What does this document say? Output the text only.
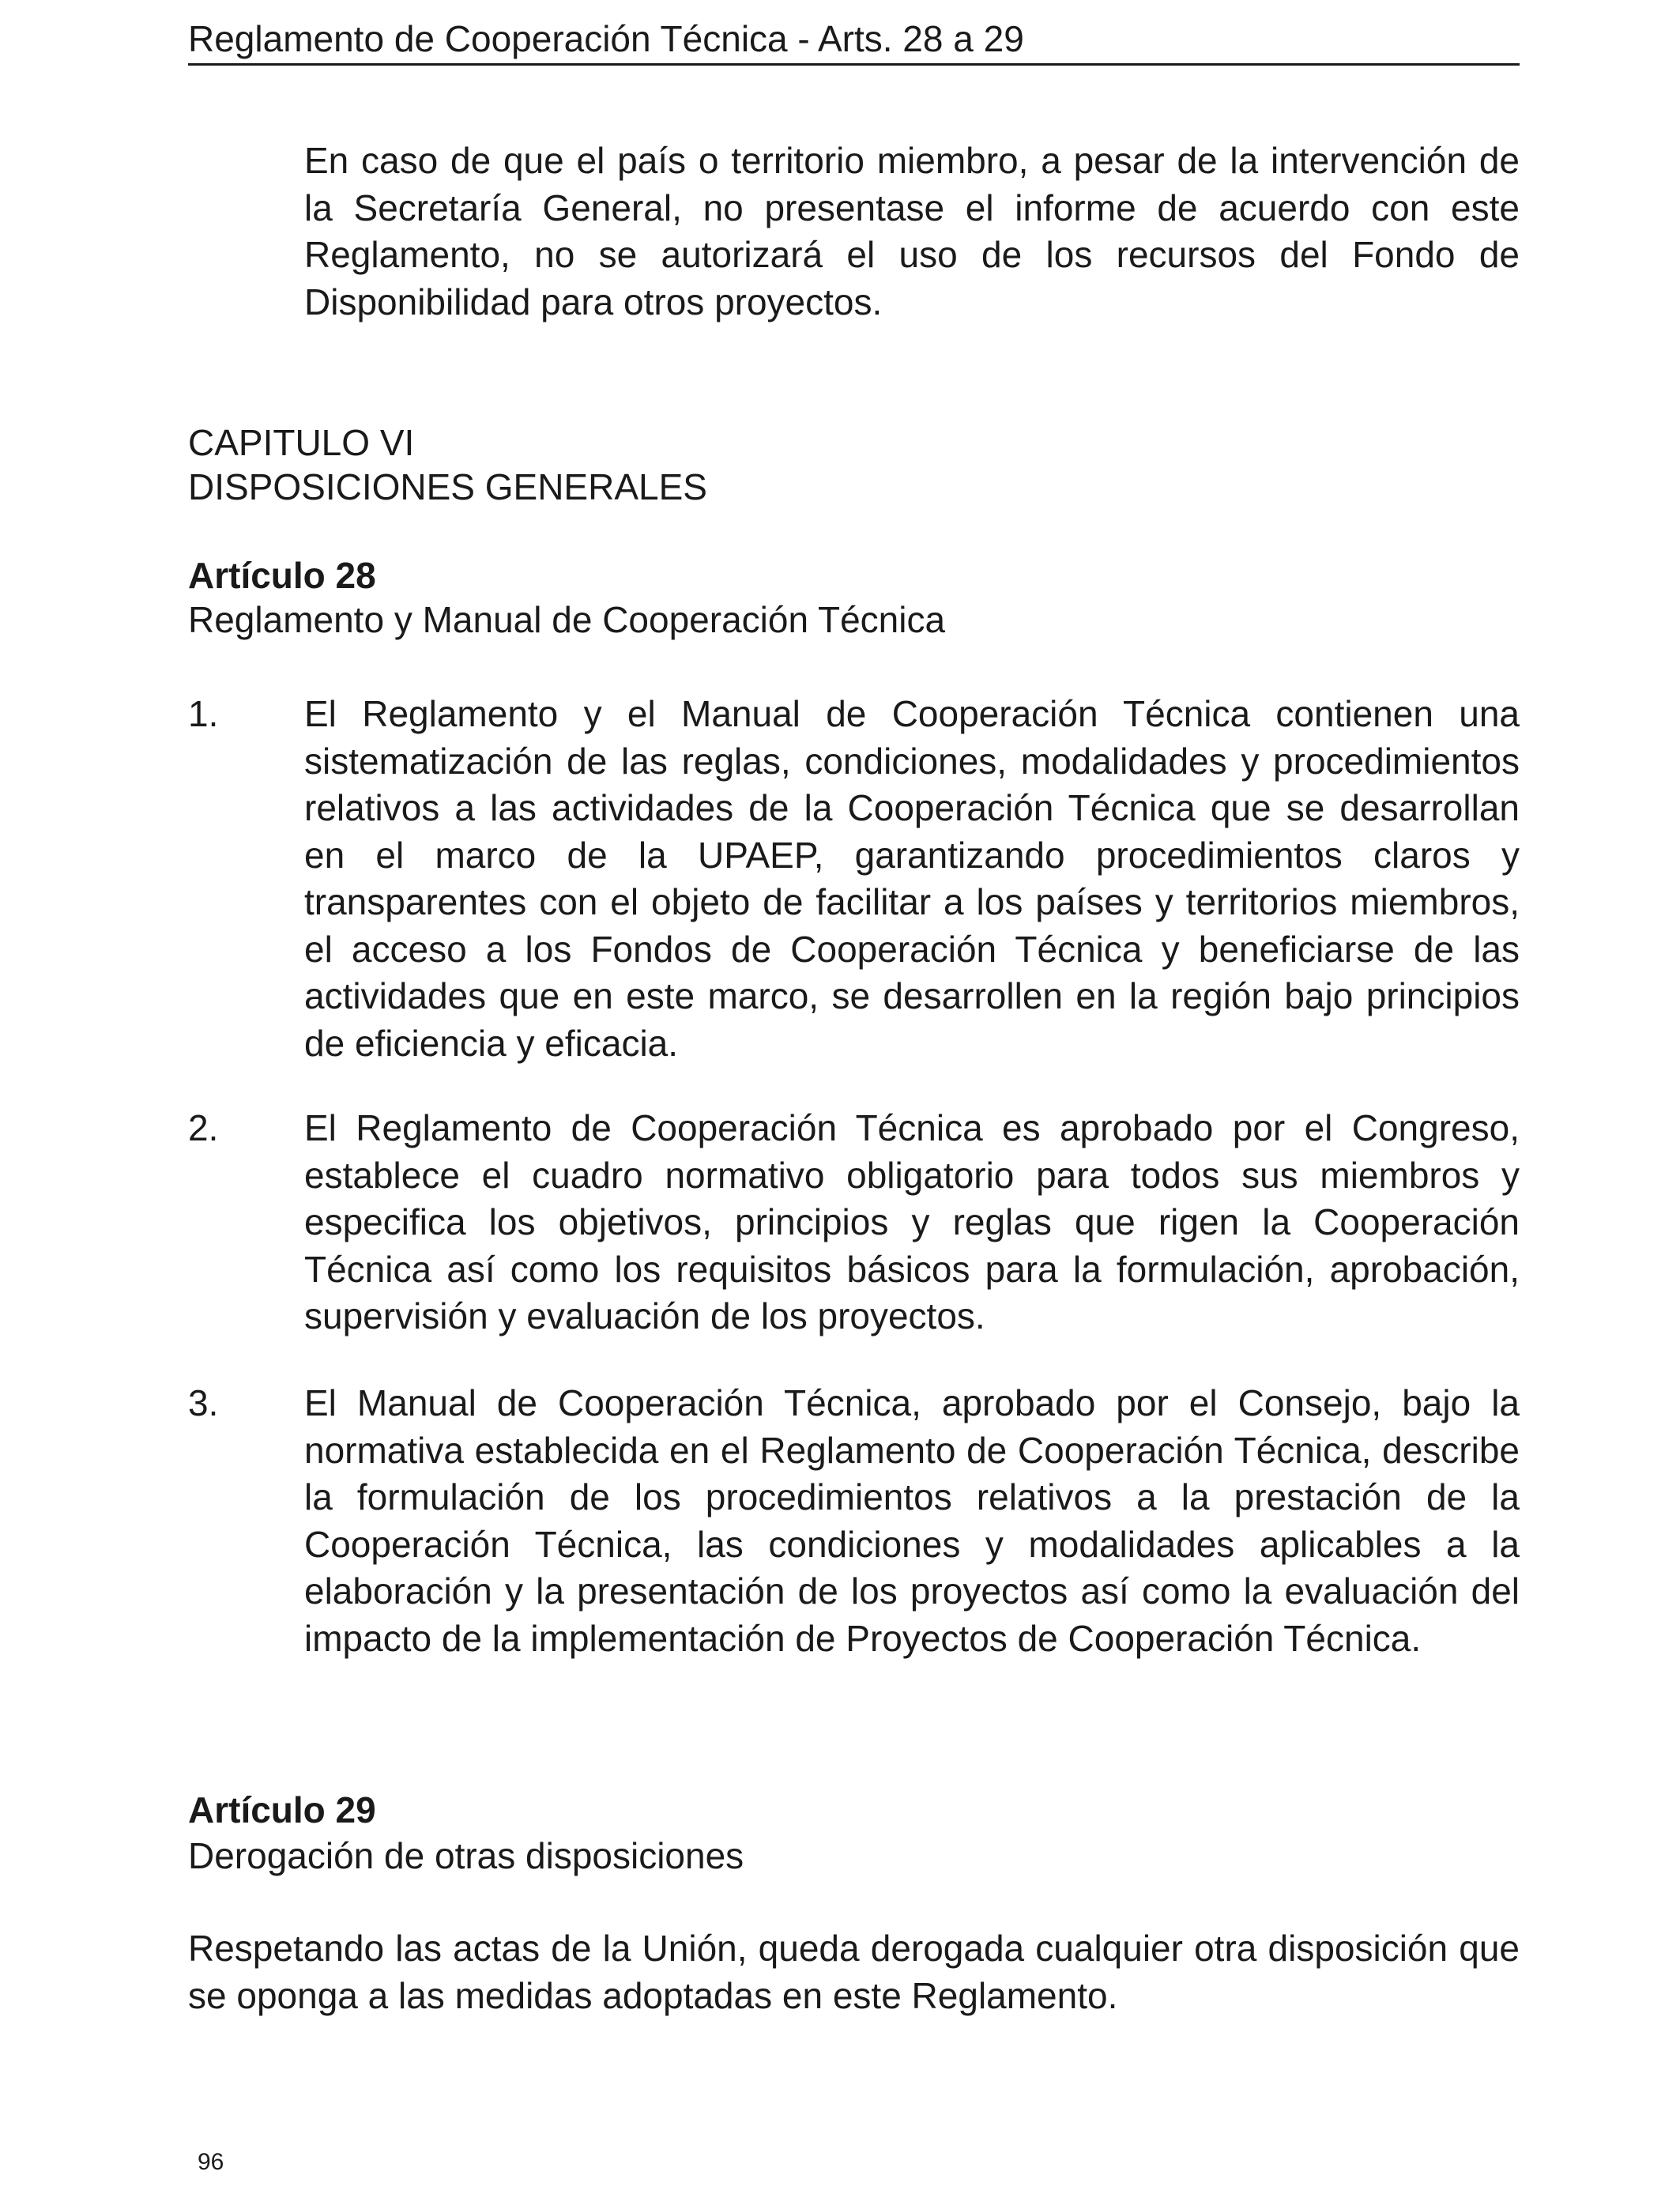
Reglamento de Cooperación Técnica - Arts. 28 a 29

En caso de que el país o territorio miembro, a pesar de la intervención de la Secretaría General, no presentase el informe de acuerdo con este Reglamento, no se autorizará el uso de los recursos del Fondo de Disponibilidad para otros proyectos.

CAPITULO VI

DISPOSICIONES GENERALES

Artículo 28

Reglamento y Manual de Cooperación Técnica

1. El Reglamento y el Manual de Cooperación Técnica contienen una sistematización de las reglas, condiciones, modalidades y procedimientos relativos a las actividades de la Cooperación Técnica que se desarrollan en el marco de la UPAEP, garantizando procedimientos claros y transparentes con el objeto de facilitar a los países y territorios miembros, el acceso a los Fondos de Cooperación Técnica y beneficiarse de las actividades que en este marco, se desarrollen en la región bajo principios de eficiencia y eficacia.

2. El Reglamento de Cooperación Técnica es aprobado por el Congreso, establece el cuadro normativo obligatorio para todos sus miembros y especifica los objetivos, principios y reglas que rigen la Cooperación Técnica así como los requisitos básicos para la formulación, aprobación, supervisión y evaluación de los proyectos.

3. El Manual de Cooperación Técnica, aprobado por el Consejo, bajo la normativa establecida en el Reglamento de Cooperación Técnica, describe la formulación de los procedimientos relativos a la prestación de la Cooperación Técnica, las condiciones y modalidades aplicables a la elaboración y la presentación de los proyectos así como la evaluación del impacto de la implementación de Proyectos de Cooperación Técnica.

Artículo 29

Derogación de otras disposiciones

Respetando las actas de la Unión, queda derogada cualquier otra disposición que se oponga a las medidas adoptadas en este Reglamento.

96
